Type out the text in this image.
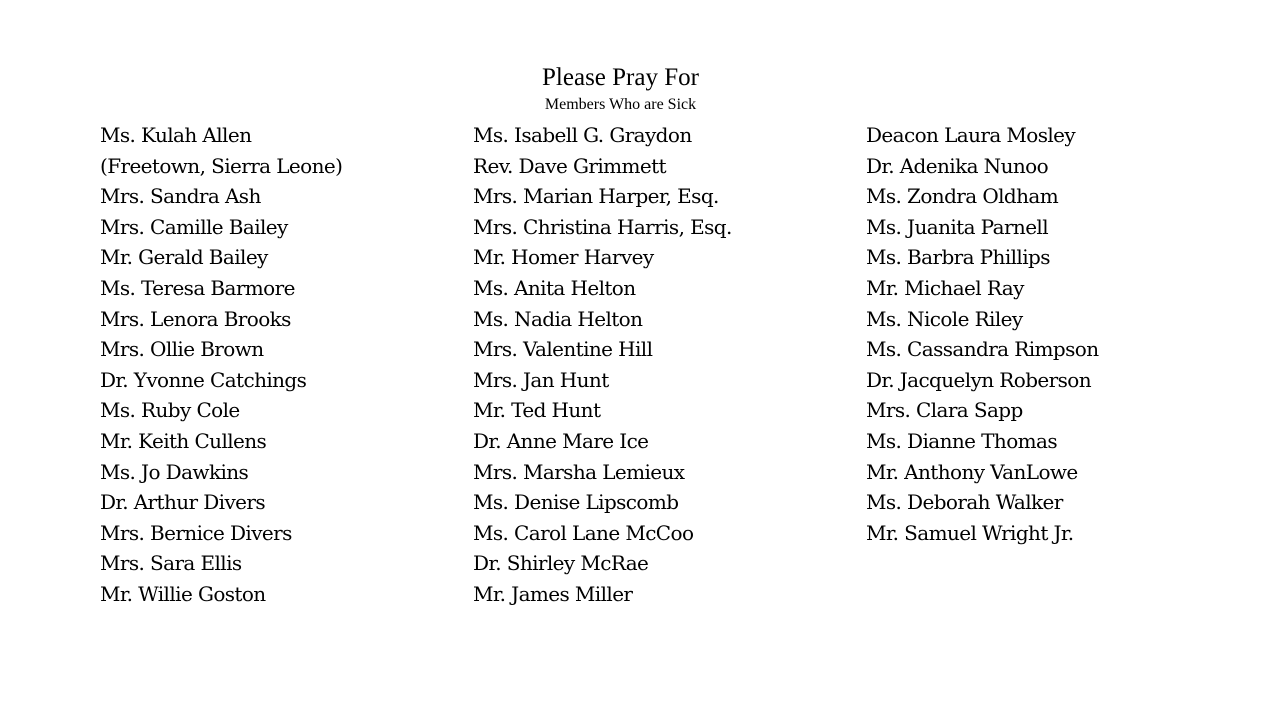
Please Pray For
Members Who are Sick
Ms. Kulah Allen
(Freetown, Sierra Leone)
Mrs. Sandra Ash
Mrs. Camille Bailey
Mr. Gerald Bailey
Ms. Teresa Barmore
Mrs. Lenora Brooks
Mrs. Ollie Brown
Dr. Yvonne Catchings
Ms. Ruby Cole
Mr. Keith Cullens
Ms. Jo Dawkins
Dr. Arthur Divers
Mrs. Bernice Divers
Mrs. Sara Ellis
Mr. Willie Goston
Ms. Isabell G. Graydon
Rev. Dave Grimmett
Mrs. Marian Harper, Esq.
Mrs. Christina Harris, Esq.
Mr. Homer Harvey
Ms. Anita Helton
Ms. Nadia Helton
Mrs. Valentine Hill
Mrs. Jan Hunt
Mr. Ted Hunt
Dr. Anne Mare Ice
Mrs. Marsha Lemieux
Ms. Denise Lipscomb
Ms. Carol Lane McCoo
Dr. Shirley McRae
Mr. James Miller
Deacon Laura Mosley
Dr. Adenika Nunoo
Ms. Zondra Oldham
Ms. Juanita Parnell
Ms. Barbra Phillips
Mr. Michael Ray
Ms. Nicole Riley
Ms. Cassandra Rimpson
Dr. Jacquelyn Roberson
Mrs. Clara Sapp
Ms. Dianne Thomas
Mr. Anthony VanLowe
Ms. Deborah Walker
Mr. Samuel Wright Jr.
